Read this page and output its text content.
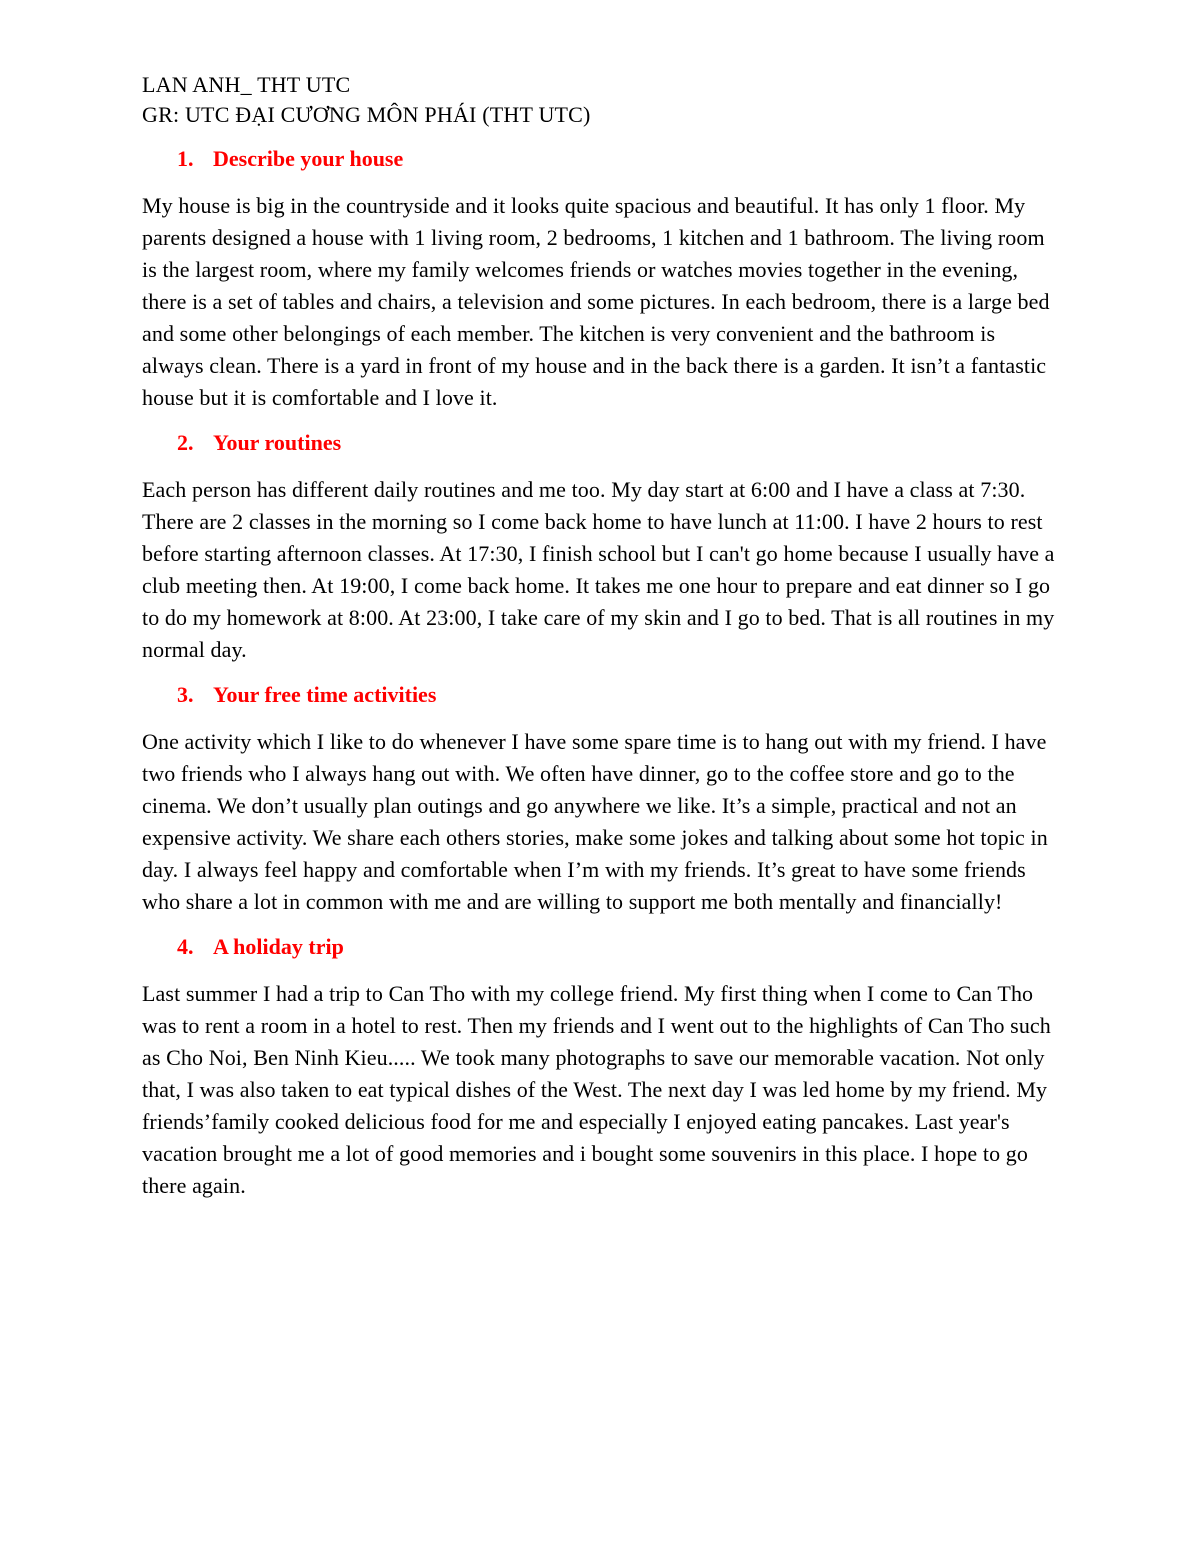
LAN ANH_ THT UTC

GR: UTC ĐẠI CƯƠNG MÔN PHÁI (THT UTC)

1. Describe your house

My house is big in the countryside and it looks quite spacious and beautiful. It has only 1 floor. My parents designed a house with 1 living room, 2 bedrooms, 1 kitchen and 1 bathroom. The living room is the largest room, where my family welcomes friends or watches movies together in the evening, there is a set of tables and chairs, a television and some pictures. In each bedroom, there is a large bed and some other belongings of each member. The kitchen is very convenient and the bathroom is always clean. There is a yard in front of my house and in the back there is a garden. It isn’t a fantastic house but it is comfortable and I love it.

2. Your routines

Each person has different daily routines and me too. My day start at 6:00 and I have a class at 7:30. There are 2 classes in the morning so I come back home to have lunch at 11:00. I have 2 hours to rest before starting afternoon classes. At 17:30, I finish school but I can't go home because I usually have a club meeting then. At 19:00, I come back home. It takes me one hour to prepare and eat dinner so I go to do my homework at 8:00. At 23:00, I take care of my skin and I go to bed. That is all routines in my normal day.

3. Your free time activities

One activity which I like to do whenever I have some spare time is to hang out with my friend. I have two friends who I always hang out with. We often have dinner, go to the coffee store and go to the cinema. We don’t usually plan outings and go anywhere we like. It’s a simple, practical and not an expensive activity. We share each others stories, make some jokes and talking about some hot topic in day. I always feel happy and comfortable when I’m with my friends. It’s great to have some friends who share a lot in common with me and are willing to support me both mentally and financially!

4. A holiday trip

Last summer I had a trip to Can Tho with my college friend. My first thing when I come to Can Tho was to rent a room in a hotel to rest. Then my friends and I went out to the highlights of Can Tho such as Cho Noi, Ben Ninh Kieu..... We took many photographs to save our memorable vacation. Not only that, I was also taken to eat typical dishes of the West. The next day I was led home by my friend. My friends’family cooked delicious food for me and especially I enjoyed eating pancakes. Last year's vacation brought me a lot of good memories and i bought some souvenirs in this place. I hope to go there again.
